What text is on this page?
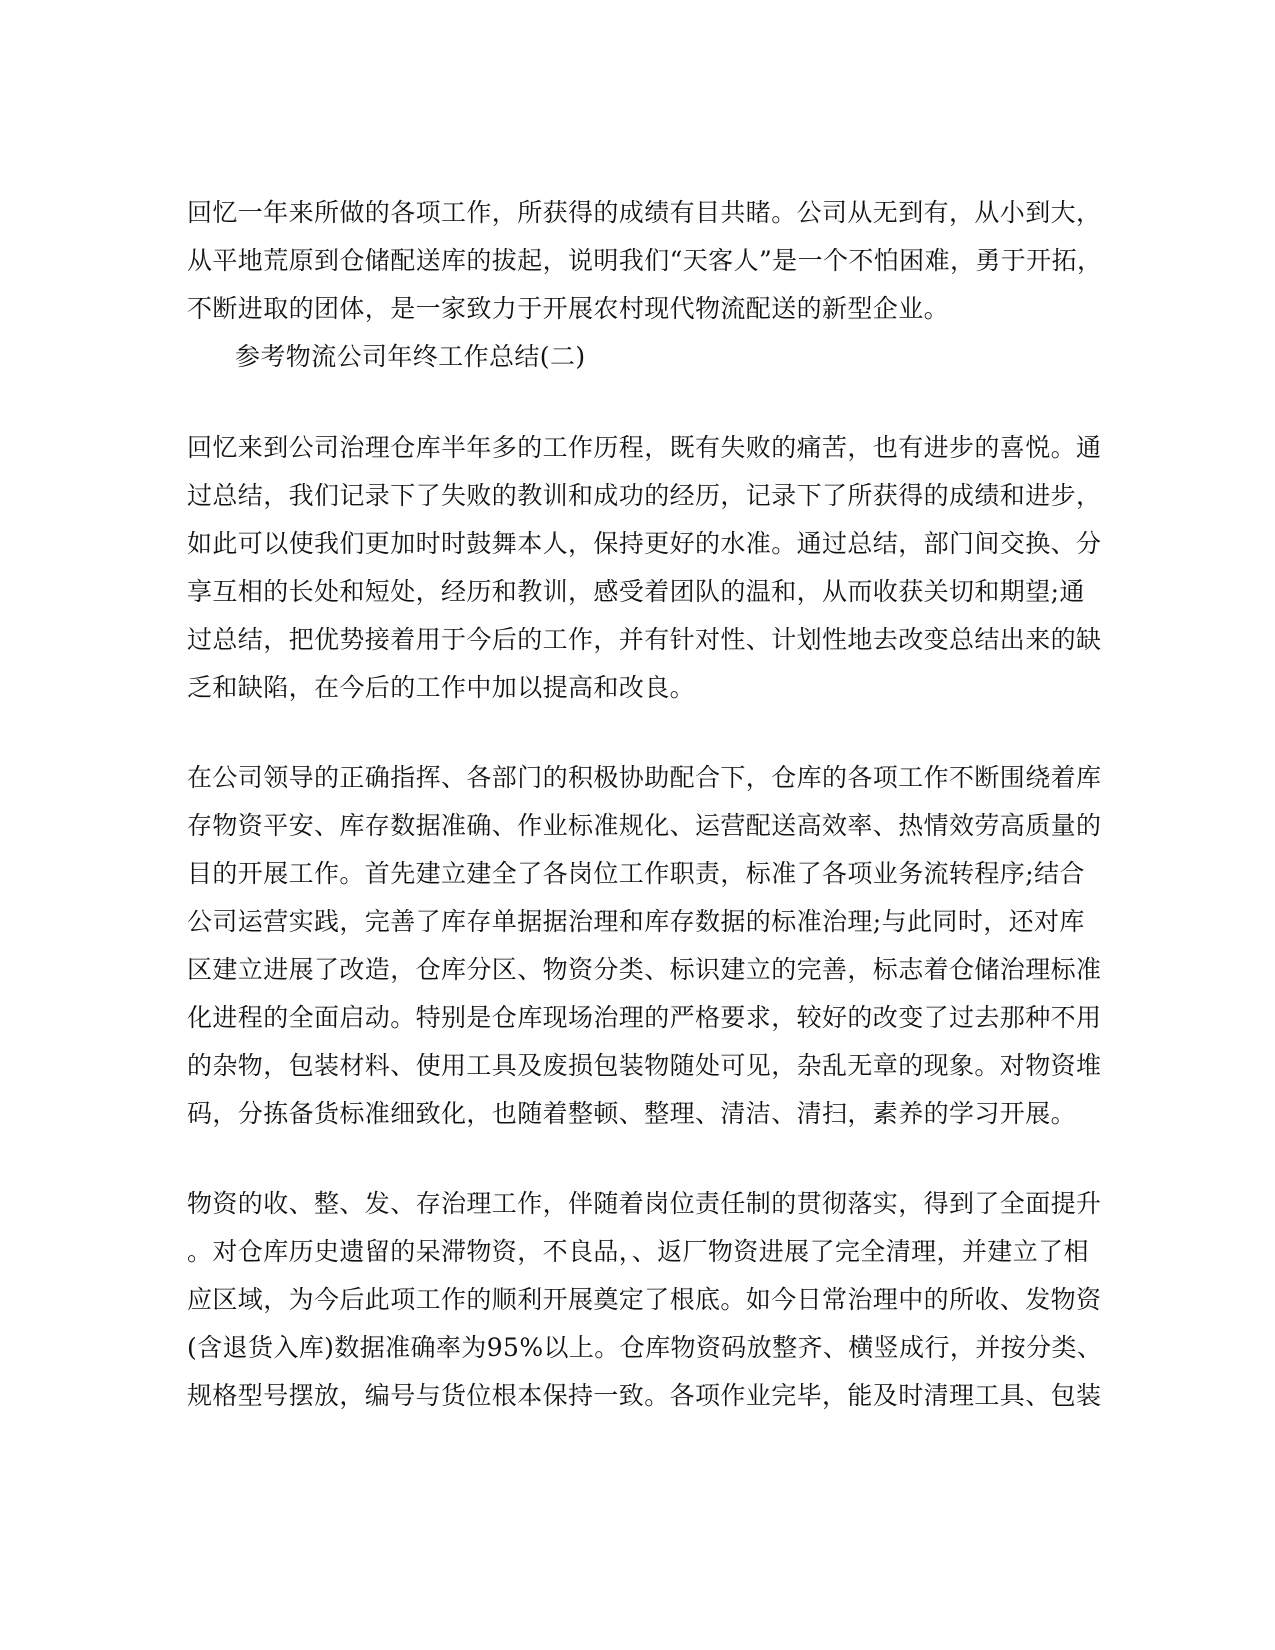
回忆一年来所做的各项工作，所获得的成绩有目共睹。公司从无到有，从小到大，
从平地荒原到仓储配送库的拔起，说明我们“天客人”是一个不怕困难，勇于开拓，
不断进取的团体，是一家致力于开展农村现代物流配送的新型企业。
参考物流公司年终工作总结(二)
回忆来到公司治理仓库半年多的工作历程，既有失败的痛苦，也有进步的喜悦。通
过总结，我们记录下了失败的教训和成功的经历，记录下了所获得的成绩和进步，
如此可以使我们更加时时鼓舞本人，保持更好的水准。通过总结，部门间交换、分
享互相的长处和短处，经历和教训，感受着团队的温和，从而收获关切和期望;通
过总结，把优势接着用于今后的工作，并有针对性、计划性地去改变总结出来的缺
乏和缺陷，在今后的工作中加以提高和改良。
在公司领导的正确指挥、各部门的积极协助配合下，仓库的各项工作不断围绕着库
存物资平安、库存数据准确、作业标准规化、运营配送高效率、热情效劳高质量的
目的开展工作。首先建立建全了各岗位工作职责，标准了各项业务流转程序;结合
公司运营实践，完善了库存单据据治理和库存数据的标准治理;与此同时，还对库
区建立进展了改造，仓库分区、物资分类、标识建立的完善，标志着仓储治理标准
化进程的全面启动。特别是仓库现场治理的严格要求，较好的改变了过去那种不用
的杂物，包装材料、使用工具及废损包装物随处可见，杂乱无章的现象。对物资堆
码，分拣备货标准细致化，也随着整顿、整理、清洁、清扫，素养的学习开展。
物资的收、整、发、存治理工作，伴随着岗位责任制的贯彻落实，得到了全面提升
。对仓库历史遗留的呆滞物资，不良品，、返厂物资进展了完全清理，并建立了相
应区域，为今后此项工作的顺利开展奠定了根底。如今日常治理中的所收、发物资
(含退货入库)数据准确率为95%以上。仓库物资码放整齐、横竖成行，并按分类、
规格型号摆放，编号与货位根本保持一致。各项作业完毕，能及时清理工具、包装
